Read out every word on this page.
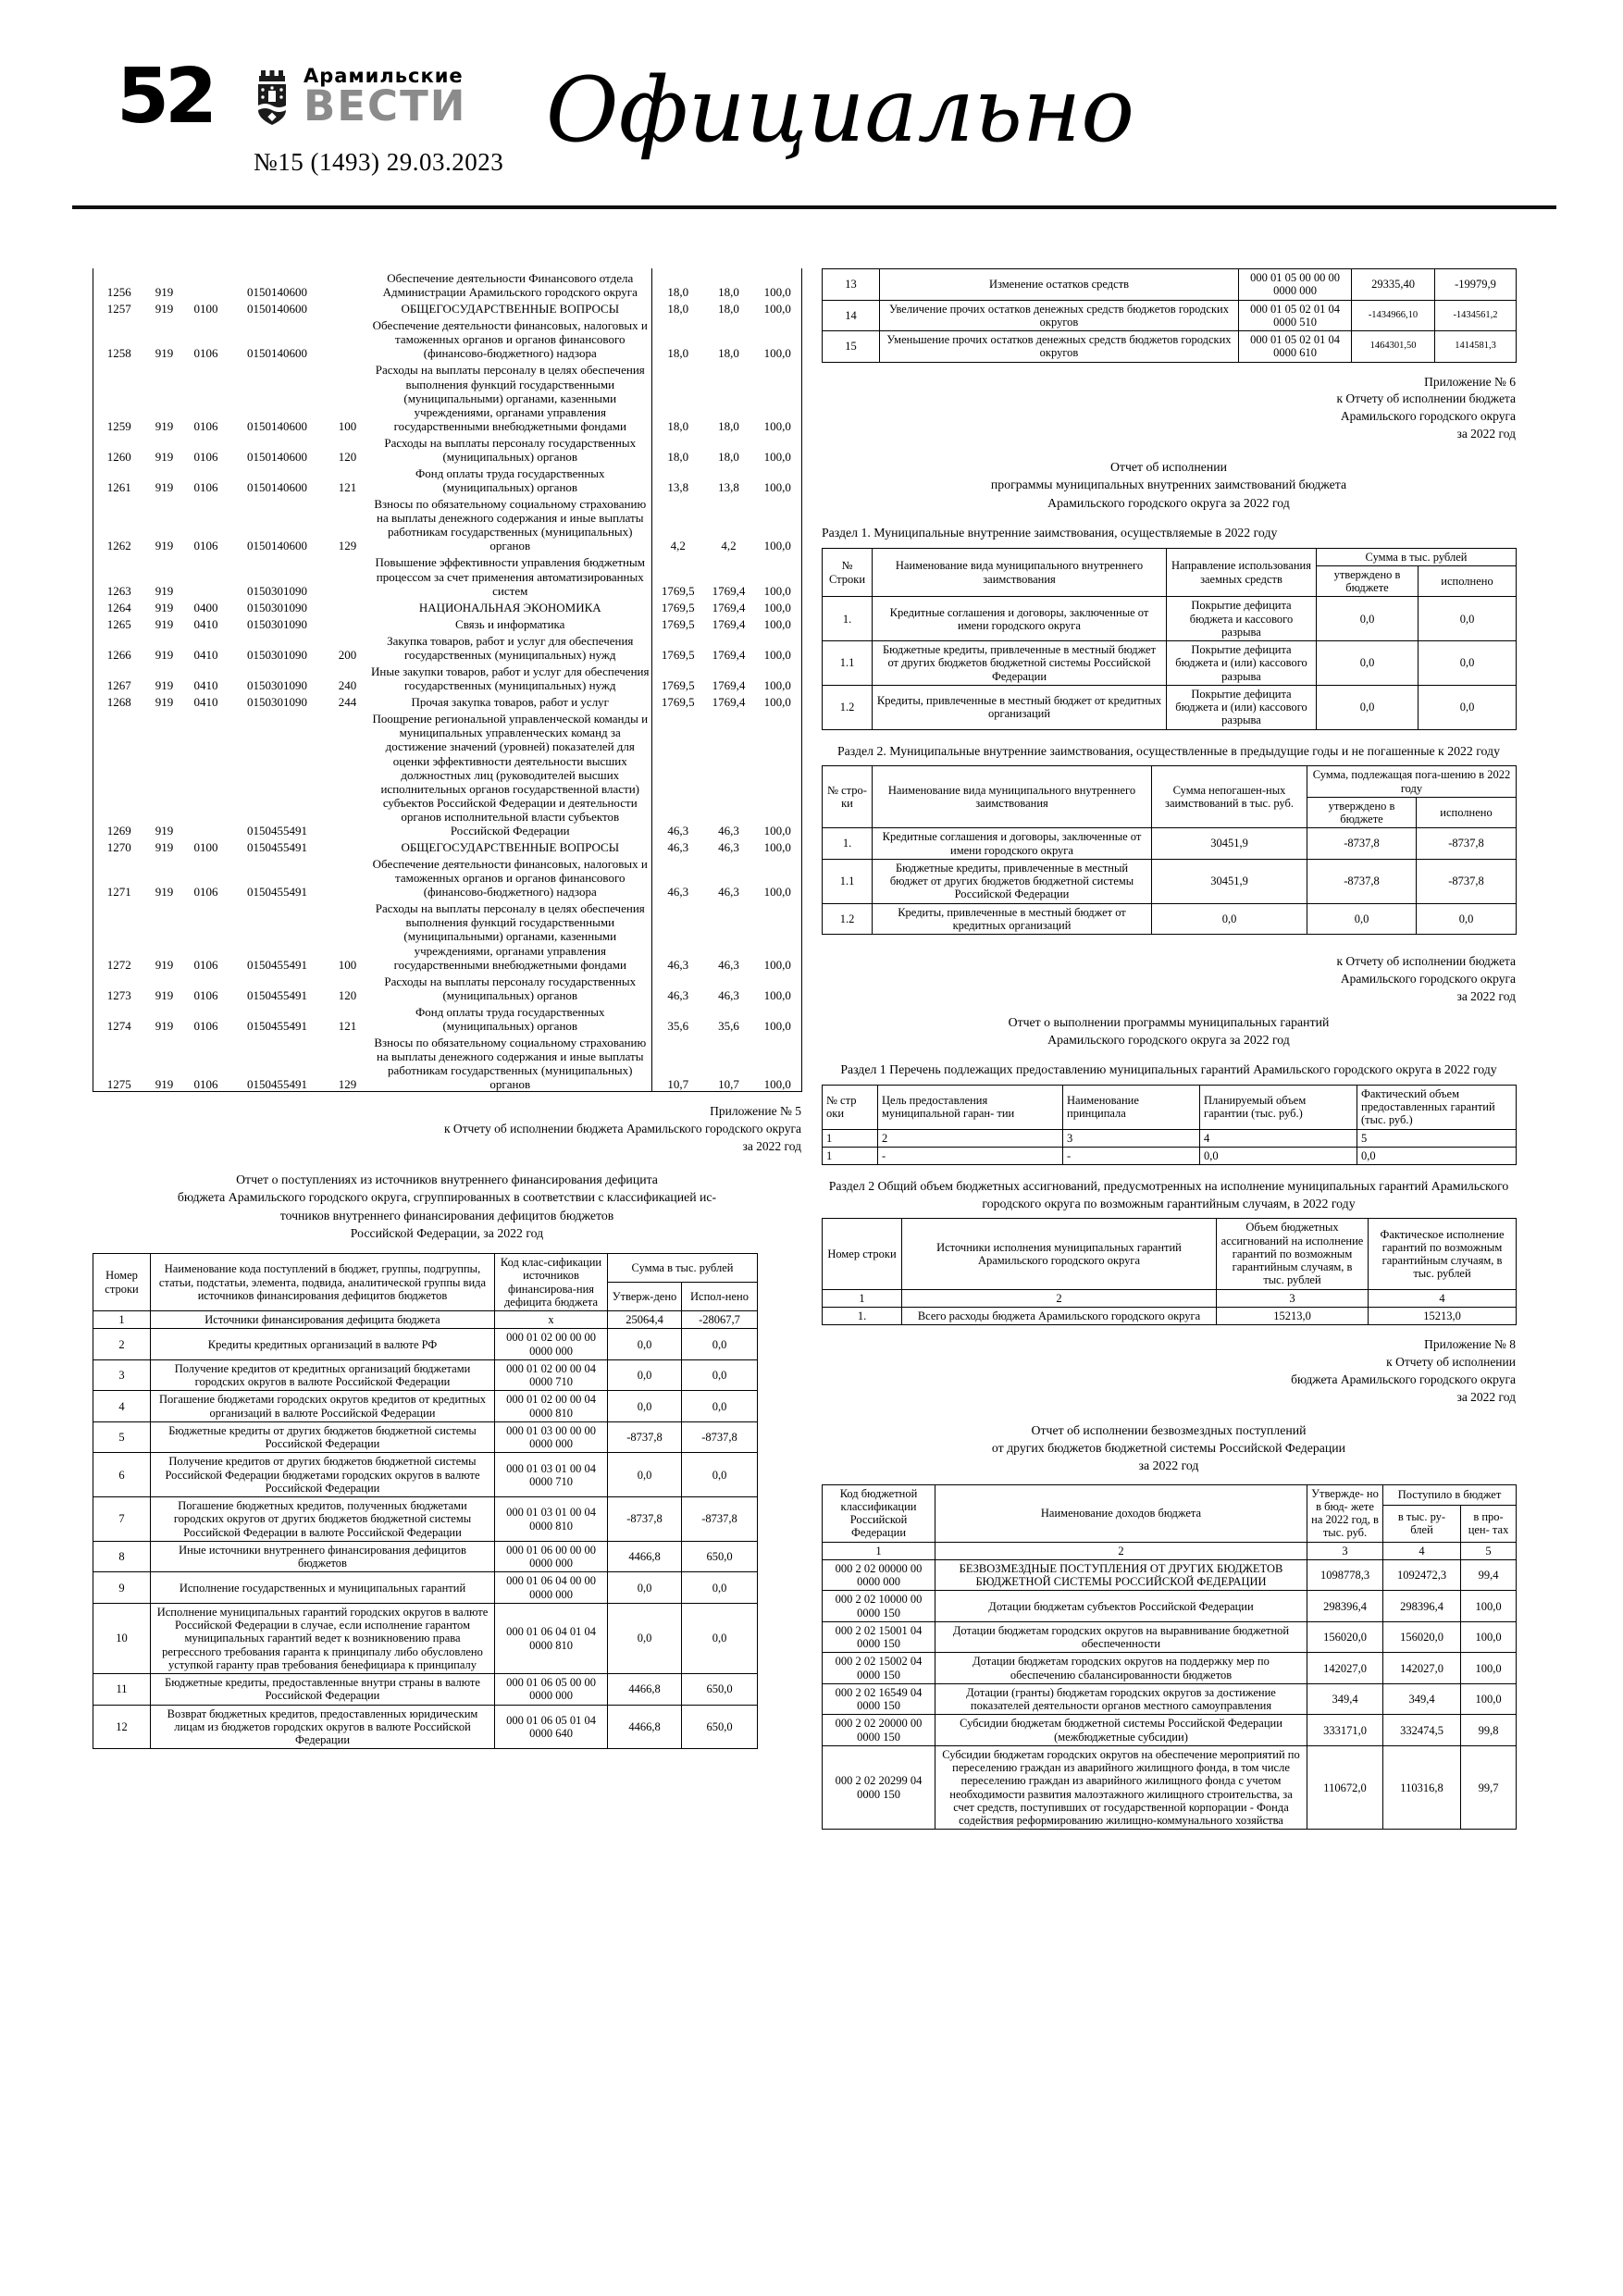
52	Арамильские
ВЕСТИ
№15 (1493) 29.03.2023 Официально
1256	919		0150140600		Обеспечение деятельности Финансового отдела Администрации Арамильского городского округа	18,0	18,0	100,0
1257	919	0100	0150140600		ОБЩЕГОСУДАРСТВЕННЫЕ ВОПРОСЫ	18,0	18,0	100,0
1258	919	0106	0150140600		Обеспечение деятельности финансовых, налоговых и таможенных органов и органов финансового (финансово-бюджетного) надзора	18,0	18,0	100,0
1259	919	0106	0150140600	100	Расходы на выплаты персоналу в целях обеспечения выполнения функций государственными (муниципальными) органами, казенными учреждениями, органами управления государственными внебюджетными фондами	18,0	18,0	100,0
1260	919	0106	0150140600	120	Расходы на выплаты персоналу государственных (муниципальных) органов	18,0	18,0	100,0
1261	919	0106	0150140600	121	Фонд оплаты труда государственных (муниципальных) органов	13,8	13,8	100,0
1262	919	0106	0150140600	129	Взносы по обязательному социальному страхованию на выплаты денежного содержания и иные выплаты работникам государственных (муниципальных) органов	4,2	4,2	100,0
1263	919		0150301090		Повышение эффективности управления бюджетным процессом за счет применения автоматизированных систем	1769,5	1769,4	100,0
1264	919	0400	0150301090		НАЦИОНАЛЬНАЯ ЭКОНОМИКА	1769,5	1769,4	100,0
1265	919	0410	0150301090		Связь и информатика	1769,5	1769,4	100,0
1266	919	0410	0150301090	200	Закупка товаров, работ и услуг для обеспечения государственных (муниципальных) нужд	1769,5	1769,4	100,0
1267	919	0410	0150301090	240	Иные закупки товаров, работ и услуг для обеспечения государственных (муниципальных) нужд	1769,5	1769,4	100,0
1268	919	0410	0150301090	244	Прочая закупка товаров, работ и услуг	1769,5	1769,4	100,0
1269	919		0150455491		Поощрение региональной управленческой команды и муниципальных управленческих команд за достижение значений (уровней) показателей для оценки эффективности деятельности высших должностных лиц (руководителей высших исполнительных органов государственной власти) субъектов Российской Федерации и деятельности органов исполнительной власти субъектов Российской Федерации	46,3	46,3	100,0
1270	919	0100	0150455491		ОБЩЕГОСУДАРСТВЕННЫЕ ВОПРОСЫ	46,3	46,3	100,0
1271	919	0106	0150455491		Обеспечение деятельности финансовых, налоговых и таможенных органов и органов финансового (финансово-бюджетного) надзора	46,3	46,3	100,0
1272	919	0106	0150455491	100	Расходы на выплаты персоналу в целях обеспечения выполнения функций государственными (муниципальными) органами, казенными учреждениями, органами управления государственными внебюджетными фондами	46,3	46,3	100,0
1273	919	0106	0150455491	120	Расходы на выплаты персоналу государственных (муниципальных) органов	46,3	46,3	100,0
1274	919	0106	0150455491	121	Фонд оплаты труда государственных (муниципальных) органов	35,6	35,6	100,0
1275	919	0106	0150455491	129	Взносы по обязательному социальному страхованию на выплаты денежного содержания и иные выплаты работникам государственных (муниципальных) органов	10,7	10,7	100,0
Приложение № 5
к Отчету об исполнении бюджета Арамильского городского округа
за 2022 год
Отчет о поступлениях из источников внутреннего финансирования дефицита
бюджета Арамильского городского округа, сгруппированных в соответствии с классификацией ис-
точников внутреннего финансирования дефицитов бюджетов
Российской Федерации, за 2022 год
Номер строки	Наименование кода поступлений в бюджет, группы, подгруппы, статьи, подстатьи, элемента, подвида, аналитической группы вида источников финансирования дефицитов бюджетов	Код клас-сификации источников финансирова-ния дефицита бюджета	Сумма в тыс. рублей	
			Утверж-дено	Испол-нено
1	Источники финансирования дефицита бюджета	х	25064,4	-28067,7
2	Кредиты кредитных организаций в валюте РФ	000 01 02 00 00 00 0000 000	0,0	0,0
3	Получение кредитов от кредитных организаций бюджетами городских округов в валюте Российской Федерации	000 01 02 00 00 04 0000 710	0,0	0,0
4	Погашение бюджетами городских округов кредитов от кредитных организаций в валюте Российской Федерации	000 01 02 00 00 04 0000 810	0,0	0,0
5	Бюджетные кредиты от других бюджетов бюджетной системы Российской Федерации	000 01 03 00 00 00 0000 000	-8737,8	-8737,8
6	Получение кредитов от других бюджетов бюджетной системы Российской Федерации бюджетами городских округов в валюте Российской Федерации	000 01 03 01 00 04 0000 710	0,0	0,0
7	Погашение бюджетных кредитов, полученных бюджетами городских округов от других бюджетов бюджетной системы Российской Федерации в валюте Российской Федерации	000 01 03 01 00 04 0000 810	-8737,8	-8737,8
8	Иные источники внутреннего финансирования дефицитов бюджетов	000 01 06 00 00 00 0000 000	4466,8	650,0
9	Исполнение государственных и муниципальных гарантий	000 01 06 04 00 00 0000 000	0,0	0,0
10	Исполнение муниципальных гарантий городских округов в валюте Российской Федерации в случае, если исполнение гарантом муниципальных гарантий ведет к возникновению права регрессного требования гаранта к принципалу либо обусловлено уступкой гаранту прав требования бенефициара к принципалу	000 01 06 04 01 04 0000 810	0,0	0,0
11	Бюджетные кредиты, предоставленные внутри страны в валюте Российской Федерации	000 01 06 05 00 00 0000 000	4466,8	650,0
12	Возврат бюджетных кредитов, предоставленных юридическим лицам из бюджетов городских округов в валюте Российской Федерации	000 01 06 05 01 04 0000 640	4466,8	650,0
13	Изменение остатков средств	000 01 05 00 00 00 0000 000	29335,40	-19979,9
14	Увеличение прочих остатков денежных средств бюджетов городских округов	000 01 05 02 01 04 0000 510	-1434966,10	-1434561,2
15	Уменьшение прочих остатков денежных средств бюджетов городских округов	000 01 05 02 01 04 0000 610	1464301,50	1414581,3
Приложение № 6
к Отчету об исполнении бюджета
Арамильского городского округа
за 2022 год
Отчет об исполнении
программы муниципальных внутренних заимствований бюджета
Арамильского городского округа за 2022 год
Раздел 1. Муниципальные внутренние заимствования, осуществляемые в 2022 году
№ Строки	Наименование вида муниципального внутреннего заимствования	Направление использования заемных средств	Сумма в тыс. рублей	
			утверждено в бюджете	исполнено
1.	Кредитные соглашения и договоры, заключенные от имени городского округа	Покрытие дефицита бюджета и кассового разрыва	0,0	0,0
1.1	Бюджетные кредиты, привлеченные в местный бюджет от других бюджетов бюджетной системы Российской Федерации	Покрытие дефицита бюджета и (или) кассового разрыва	0,0	0,0
1.2	Кредиты, привлеченные в местный бюджет от кредитных организаций	Покрытие дефицита бюджета и (или) кассового разрыва	0,0	0,0
Раздел 2. Муниципальные внутренние заимствования, осуществленные в предыдущие годы и не погашенные к 2022 году
№ стро-ки	Наименование вида муниципального внутреннего заимствования	Сумма непогашен-ных заимствований в тыс. руб.	Сумма, подлежащая пога-шению в 2022 году	
			утверждено в бюджете	исполнено
1.	Кредитные соглашения и договоры, заключенные от имени городского округа	30451,9	-8737,8	-8737,8
1.1	Бюджетные кредиты, привлеченные в местный бюджет от других бюджетов бюджетной системы Российской Федерации	30451,9	-8737,8	-8737,8
1.2	Кредиты, привлеченные в местный бюджет от кредитных организаций	0,0	0,0	0,0
к Отчету об исполнении бюджета
Арамильского городского округа
за 2022 год
Отчет о выполнении программы муниципальных гарантий
Арамильского городского округа за 2022 год
Раздел 1 Перечень подлежащих предоставлению муниципальных гарантий Арамильского городского округа в 2022 году
№ стр оки	Цель предоставления муниципальной гаран- тии	Наименование принципала	Планируемый объем гарантии (тыс. руб.)	Фактический объем предоставленных гарантий (тыс. руб.)
1	2	3	4	5
1	-	-	0,0	0,0
Раздел 2 Общий объем бюджетных ассигнований, предусмотренных на исполнение муниципальных гарантий Арамильского городского округа по возможным гарантийным случаям, в 2022 году
Номер строки	Источники исполнения муниципальных гарантий Арамильского городского округа	Объем бюджетных ассигнований на исполнение гарантий по возможным гарантийным случаям, в тыс. рублей	Фактическое исполнение гарантий по возможным гарантийным случаям, в тыс. рублей
1	2	3	4
1.	Всего расходы бюджета Арамильского городского округа	15213,0	15213,0
Приложение № 8
к Отчету об исполнении
бюджета Арамильского городского округа
за 2022 год
Отчет об исполнении безвозмездных поступлений
от других бюджетов бюджетной системы Российской Федерации
за 2022 год
Код бюджетной классификации Российской Федерации	Наименование доходов бюджета	Утвержде- но в бюд- жете на 2022 год, в тыс. руб.	Поступило в бюджет	
			в тыс. ру- блей	в про- цен- тах
1	2	3	4	5
000 2 02 00000 00 0000 000	БЕЗВОЗМЕЗДНЫЕ ПОСТУПЛЕНИЯ ОТ ДРУГИХ БЮДЖЕТОВ БЮДЖЕТНОЙ СИСТЕМЫ РОССИЙСКОЙ ФЕДЕРАЦИИ	1098778,3	1092472,3	99,4
000 2 02 10000 00 0000 150	Дотации бюджетам субъектов Российской Федерации	298396,4	298396,4	100,0
000 2 02 15001 04 0000 150	Дотации бюджетам городских округов на выравнивание бюджетной обеспеченности	156020,0	156020,0	100,0
000 2 02 15002 04 0000 150	Дотации бюджетам городских округов на поддержку мер по обеспечению сбалансированности бюджетов	142027,0	142027,0	100,0
000 2 02 16549 04 0000 150	Дотации (гранты) бюджетам городских округов за достижение показателей деятельности органов местного самоуправления	349,4	349,4	100,0
000 2 02 20000 00 0000 150	Субсидии бюджетам бюджетной системы Российской Федерации (межбюджетные субсидии)	333171,0	332474,5	99,8
000 2 02 20299 04 0000 150	Субсидии бюджетам городских округов на обеспечение мероприятий по переселению граждан из аварийного жилищного фонда, в том числе переселению граждан из аварийного жилищного фонда с учетом необходимости развития малоэтажного жилищного строительства, за счет средств, поступивших от государственной корпорации - Фонда содействия реформированию жилищно-коммунального хозяйства	110672,0	110316,8	99,7
